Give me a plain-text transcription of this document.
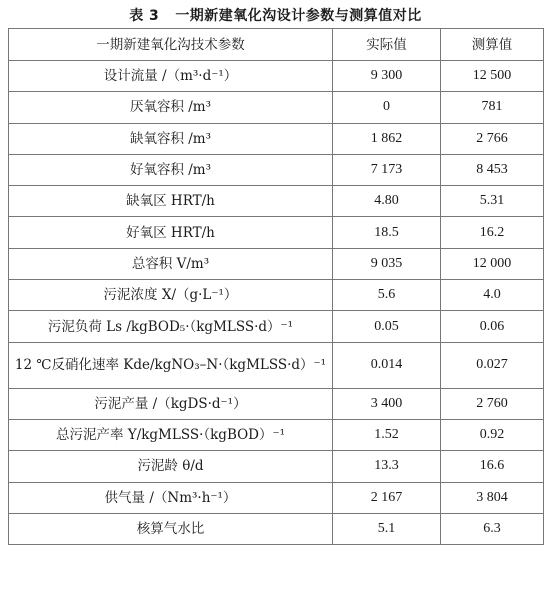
表 3 一期新建氧化沟设计参数与测算值对比
一期新建氧化沟技术参数	实际值	测算值
设计流量 /（m³·d⁻¹）	9 300	12 500
厌氧容积 /m³	0	781
缺氧容积 /m³	1 862	2 766
好氧容积 /m³	7 173	8 453
缺氧区 HRT/h	4.80	5.31
好氧区 HRT/h	18.5	16.2
总容积 V/m³	9 035	12 000
污泥浓度 X/（g·L⁻¹）	5.6	4.0
污泥负荷 Ls /kgBOD₅·（kgMLSS·d）⁻¹	0.05	0.06
12 ℃反硝化速率 Kde/kgNO₃–N·（kgMLSS·d）⁻¹	0.014	0.027
污泥产量 /（kgDS·d⁻¹）	3 400	2 760
总污泥产率 Y/kgMLSS·（kgBOD）⁻¹	1.52	0.92
污泥龄 θ/d	13.3	16.6
供气量 /（Nm³·h⁻¹）	2 167	3 804
核算气水比	5.1	6.3
